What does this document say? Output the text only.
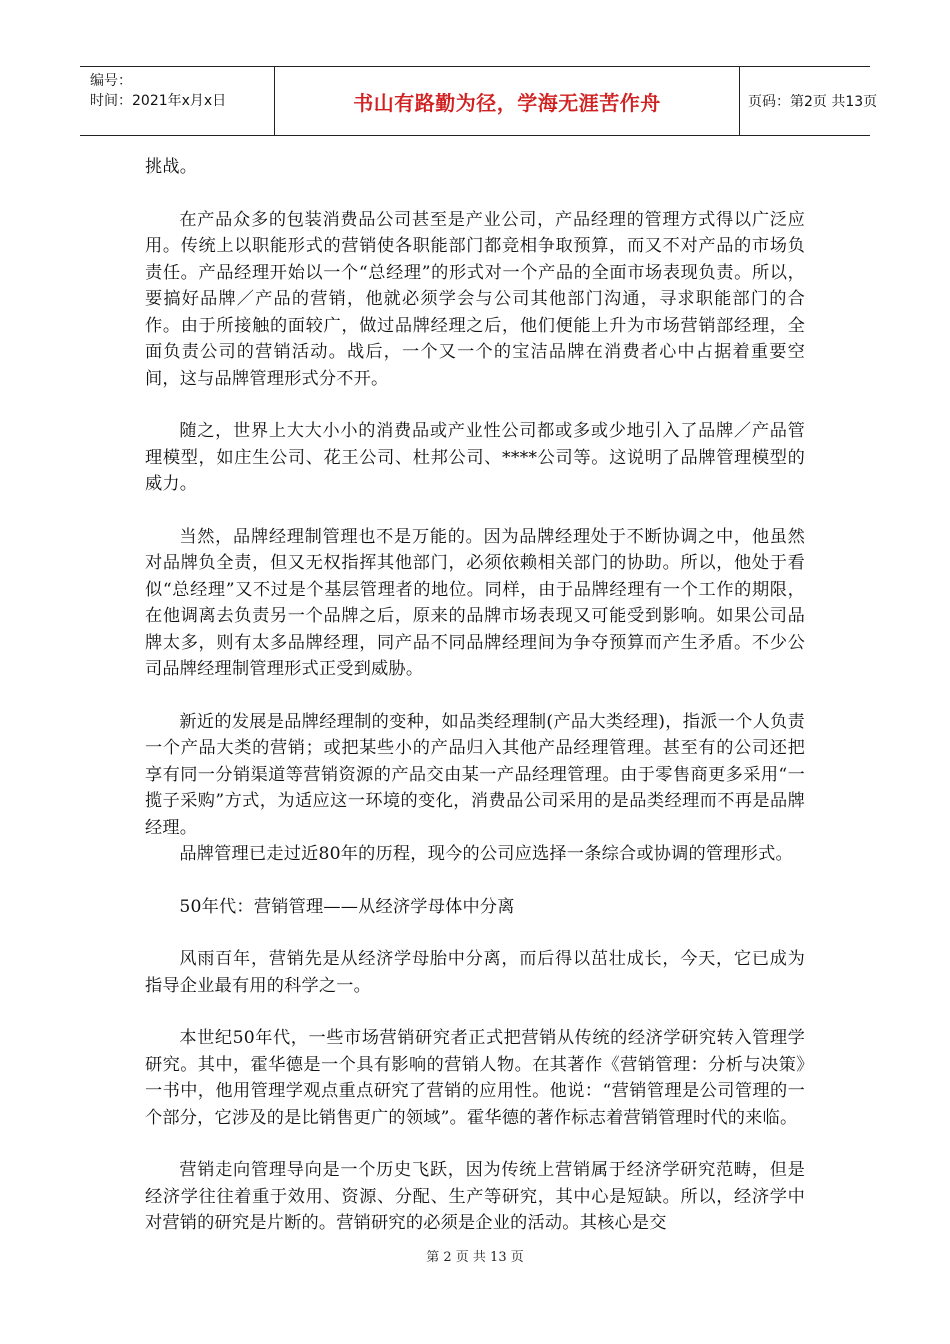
编号：
时间：2021年x月x日	书山有路勤为径，学海无涯苦作舟	页码：第2页 共13页

挑战。

在产品众多的包装消费品公司甚至是产业公司，产品经理的管理方式得以广泛应用。传统上以职能形式的营销使各职能部门都竞相争取预算，而又不对产品的市场负责任。产品经理开始以一个“总经理”的形式对一个产品的全面市场表现负责。所以，要搞好品牌／产品的营销，他就必须学会与公司其他部门沟通，寻求职能部门的合作。由于所接触的面较广，做过品牌经理之后，他们便能上升为市场营销部经理，全面负责公司的营销活动。战后，一个又一个的宝洁品牌在消费者心中占据着重要空间，这与品牌管理形式分不开。

随之，世界上大大小小的消费品或产业性公司都或多或少地引入了品牌／产品管理模型，如庄生公司、花王公司、杜邦公司、****公司等。这说明了品牌管理模型的威力。

当然，品牌经理制管理也不是万能的。因为品牌经理处于不断协调之中，他虽然对品牌负全责，但又无权指挥其他部门，必须依赖相关部门的协助。所以，他处于看似“总经理”又不过是个基层管理者的地位。同样，由于品牌经理有一个工作的期限，在他调离去负责另一个品牌之后，原来的品牌市场表现又可能受到影响。如果公司品牌太多，则有太多品牌经理，同产品不同品牌经理间为争夺预算而产生矛盾。不少公司品牌经理制管理形式正受到威胁。

新近的发展是品牌经理制的变种，如品类经理制(产品大类经理)，指派一个人负责一个产品大类的营销；或把某些小的产品归入其他产品经理管理。甚至有的公司还把享有同一分销渠道等营销资源的产品交由某一产品经理管理。由于零售商更多采用“一揽子采购”方式，为适应这一环境的变化，消费品公司采用的是品类经理而不再是品牌经理。

品牌管理已走过近80年的历程，现今的公司应选择一条综合或协调的管理形式。

50年代：营销管理——从经济学母体中分离

风雨百年，营销先是从经济学母胎中分离，而后得以茁壮成长，今天，它已成为指导企业最有用的科学之一。

本世纪50年代，一些市场营销研究者正式把营销从传统的经济学研究转入管理学研究。其中，霍华德是一个具有影响的营销人物。在其著作《营销管理：分析与决策》一书中，他用管理学观点重点研究了营销的应用性。他说：“营销管理是公司管理的一个部分，它涉及的是比销售更广的领域”。霍华德的著作标志着营销管理时代的来临。

营销走向管理导向是一个历史飞跃，因为传统上营销属于经济学研究范畴，但是经济学往往着重于效用、资源、分配、生产等研究，其中心是短缺。所以，经济学中对营销的研究是片断的。营销研究的必须是企业的活动。其核心是交

第 2 页 共 13 页
